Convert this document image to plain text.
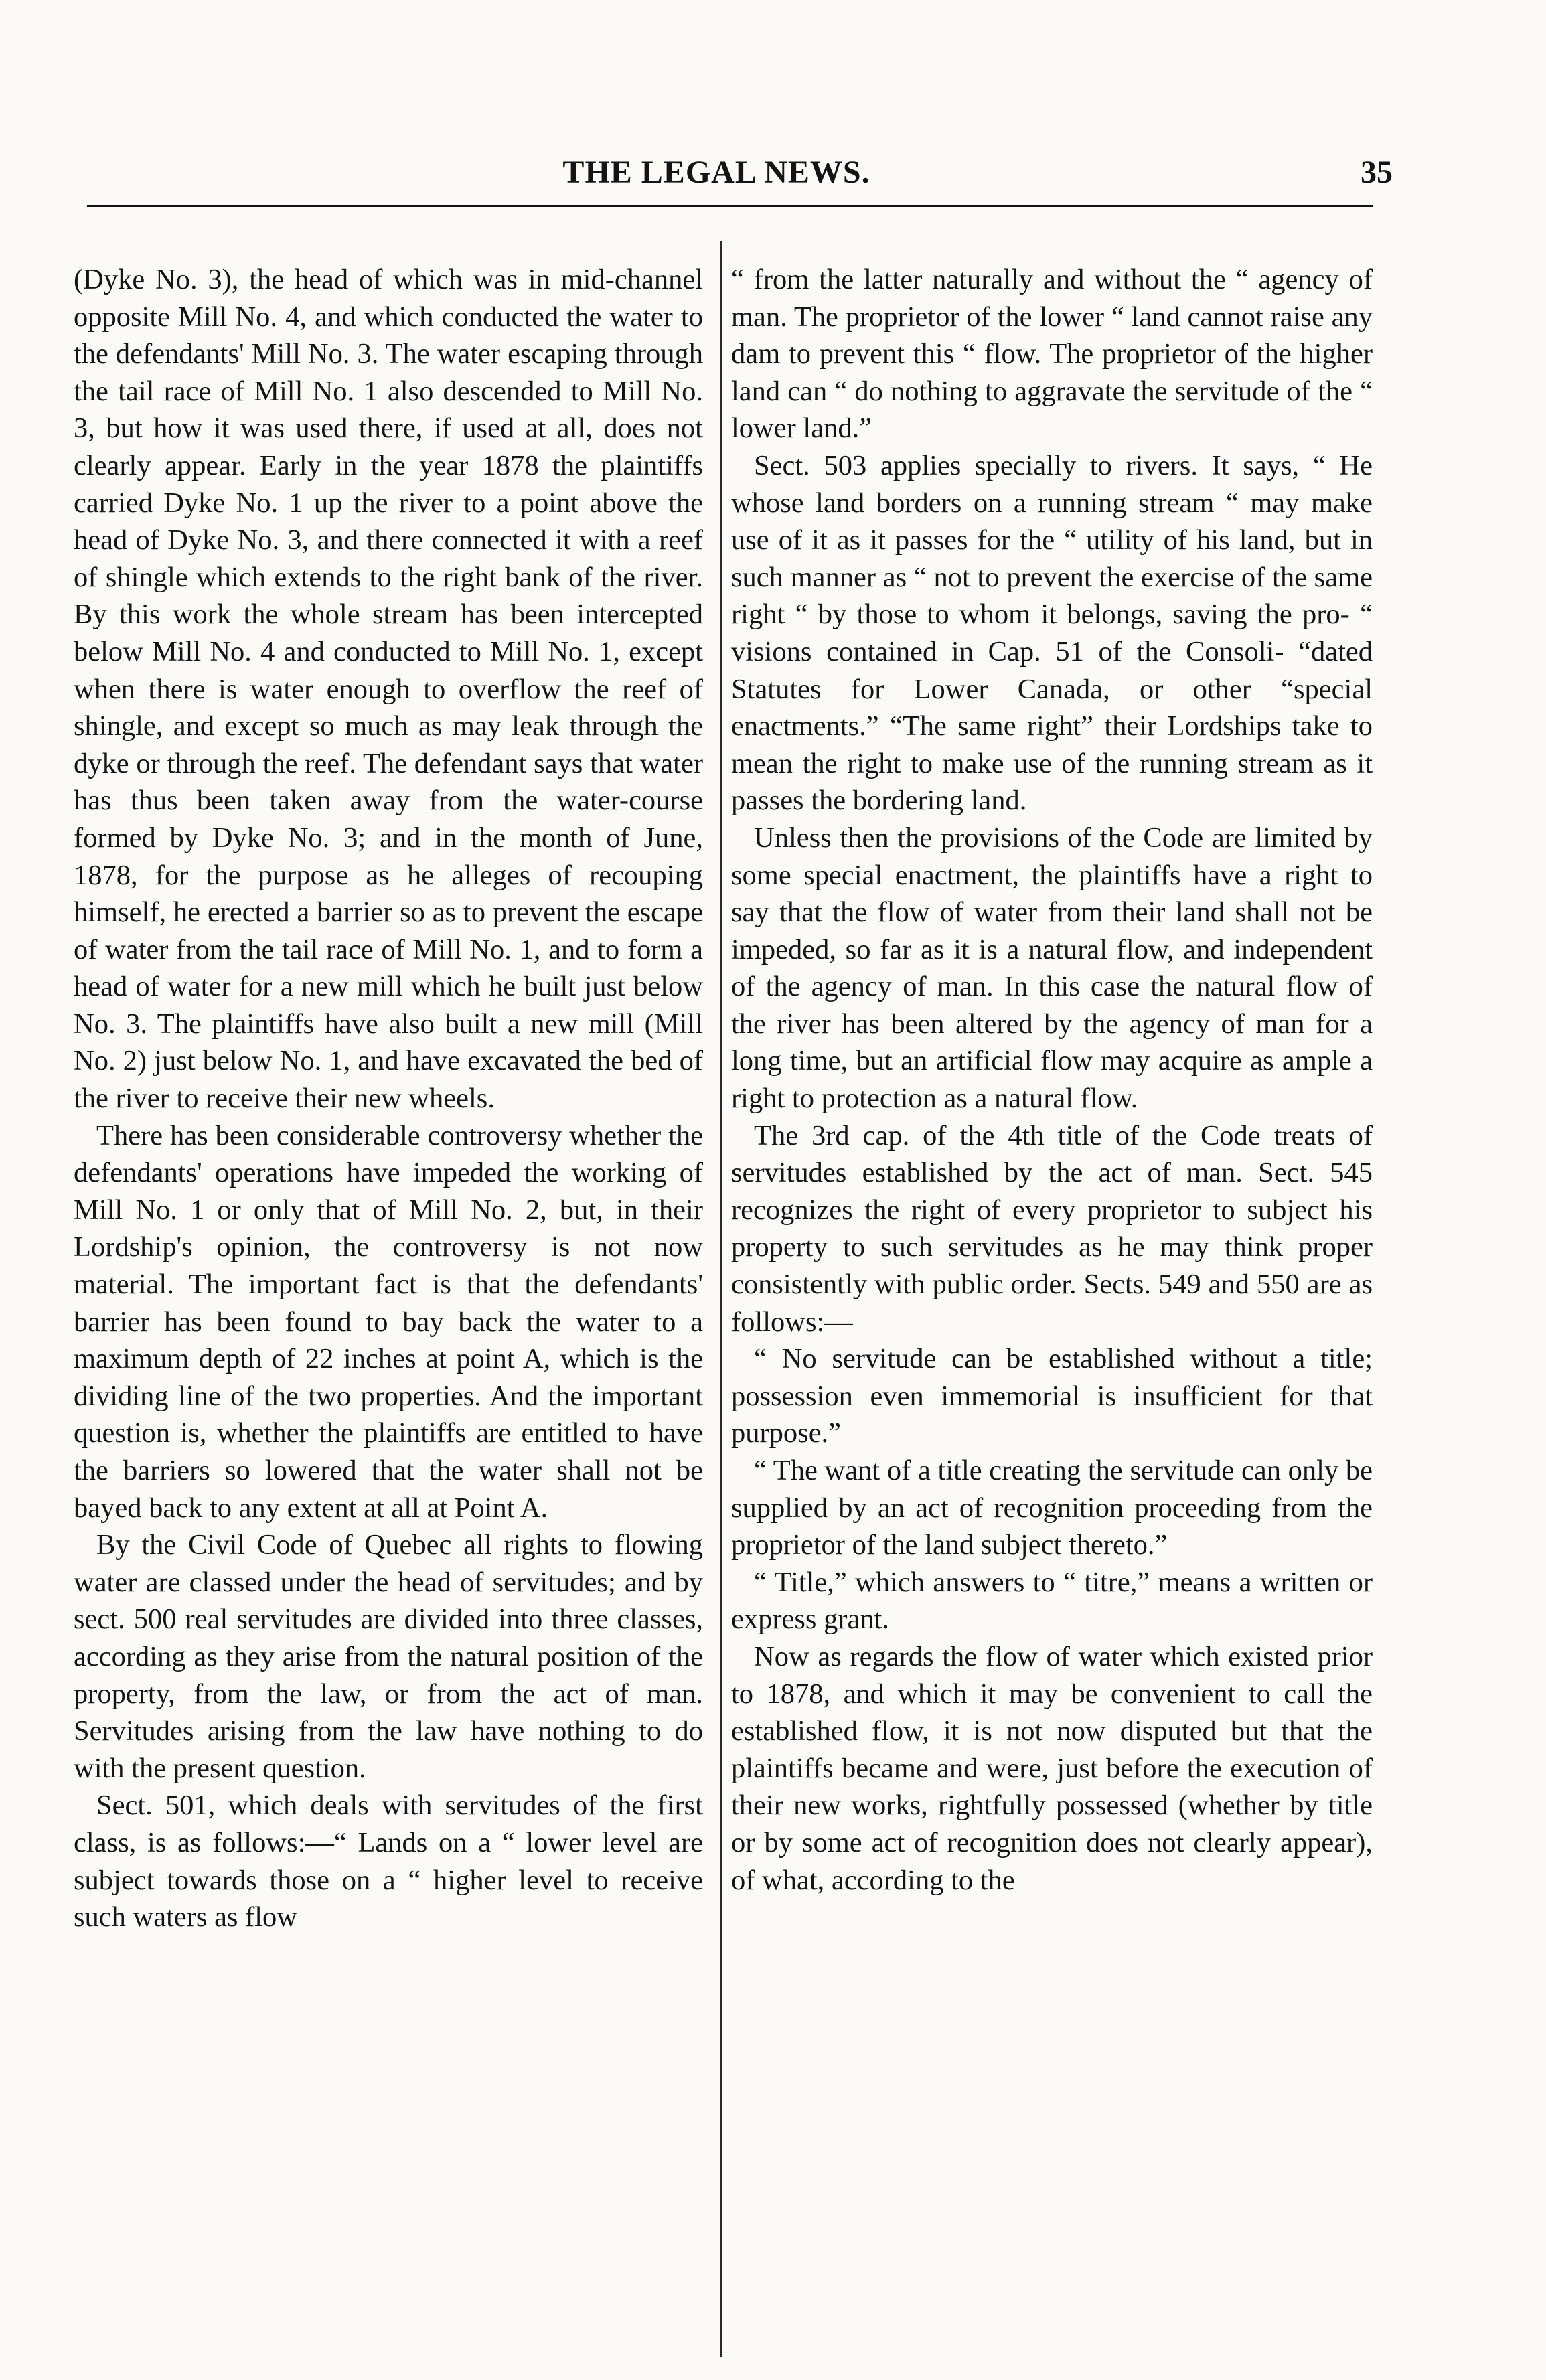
THE LEGAL NEWS.	35

(Dyke No. 3), the head of which was in mid-channel opposite Mill No. 4, and which conducted the water to the defendants' Mill No. 3. The water escaping through the tail race of Mill No. 1 also descended to Mill No. 3, but how it was used there, if used at all, does not clearly appear. Early in the year 1878 the plaintiffs carried Dyke No. 1 up the river to a point above the head of Dyke No. 3, and there connected it with a reef of shingle which extends to the right bank of the river. By this work the whole stream has been intercepted below Mill No. 4 and conducted to Mill No. 1, except when there is water enough to overflow the reef of shingle, and except so much as may leak through the dyke or through the reef. The defendant says that water has thus been taken away from the water-course formed by Dyke No. 3; and in the month of June, 1878, for the purpose as he alleges of recouping himself, he erected a barrier so as to prevent the escape of water from the tail race of Mill No. 1, and to form a head of water for a new mill which he built just below No. 3. The plaintiffs have also built a new mill (Mill No. 2) just below No. 1, and have excavated the bed of the river to receive their new wheels.

There has been considerable controversy whether the defendants' operations have impeded the working of Mill No. 1 or only that of Mill No. 2, but, in their Lordship's opinion, the controversy is not now material. The important fact is that the defendants' barrier has been found to bay back the water to a maximum depth of 22 inches at point A, which is the dividing line of the two properties. And the important question is, whether the plaintiffs are entitled to have the barriers so lowered that the water shall not be bayed back to any extent at all at Point A.

By the Civil Code of Quebec all rights to flowing water are classed under the head of servitudes; and by sect. 500 real servitudes are divided into three classes, according as they arise from the natural position of the property, from the law, or from the act of man. Servitudes arising from the law have nothing to do with the present question.

Sect. 501, which deals with servitudes of the first class, is as follows:—“ Lands on a “ lower level are subject towards those on a “ higher level to receive such waters as flow

“ from the latter naturally and without the “ agency of man. The proprietor of the lower “ land cannot raise any dam to prevent this “ flow. The proprietor of the higher land can “ do nothing to aggravate the servitude of the “ lower land.”

Sect. 503 applies specially to rivers. It says, “ He whose land borders on a running stream “ may make use of it as it passes for the “ utility of his land, but in such manner as “ not to prevent the exercise of the same right “ by those to whom it belongs, saving the pro- “ visions contained in Cap. 51 of the Consoli- “dated Statutes for Lower Canada, or other “special enactments.” “The same right” their Lordships take to mean the right to make use of the running stream as it passes the bordering land.

Unless then the provisions of the Code are limited by some special enactment, the plaintiffs have a right to say that the flow of water from their land shall not be impeded, so far as it is a natural flow, and independent of the agency of man. In this case the natural flow of the river has been altered by the agency of man for a long time, but an artificial flow may acquire as ample a right to protection as a natural flow.

The 3rd cap. of the 4th title of the Code treats of servitudes established by the act of man. Sect. 545 recognizes the right of every proprietor to subject his property to such servitudes as he may think proper consistently with public order. Sects. 549 and 550 are as follows:—

“ No servitude can be established without a title; possession even immemorial is insufficient for that purpose.”

“ The want of a title creating the servitude can only be supplied by an act of recognition proceeding from the proprietor of the land subject thereto.”

“ Title,” which answers to “ titre,” means a written or express grant.

Now as regards the flow of water which existed prior to 1878, and which it may be convenient to call the established flow, it is not now disputed but that the plaintiffs became and were, just before the execution of their new works, rightfully possessed (whether by title or by some act of recognition does not clearly appear), of what, according to the
